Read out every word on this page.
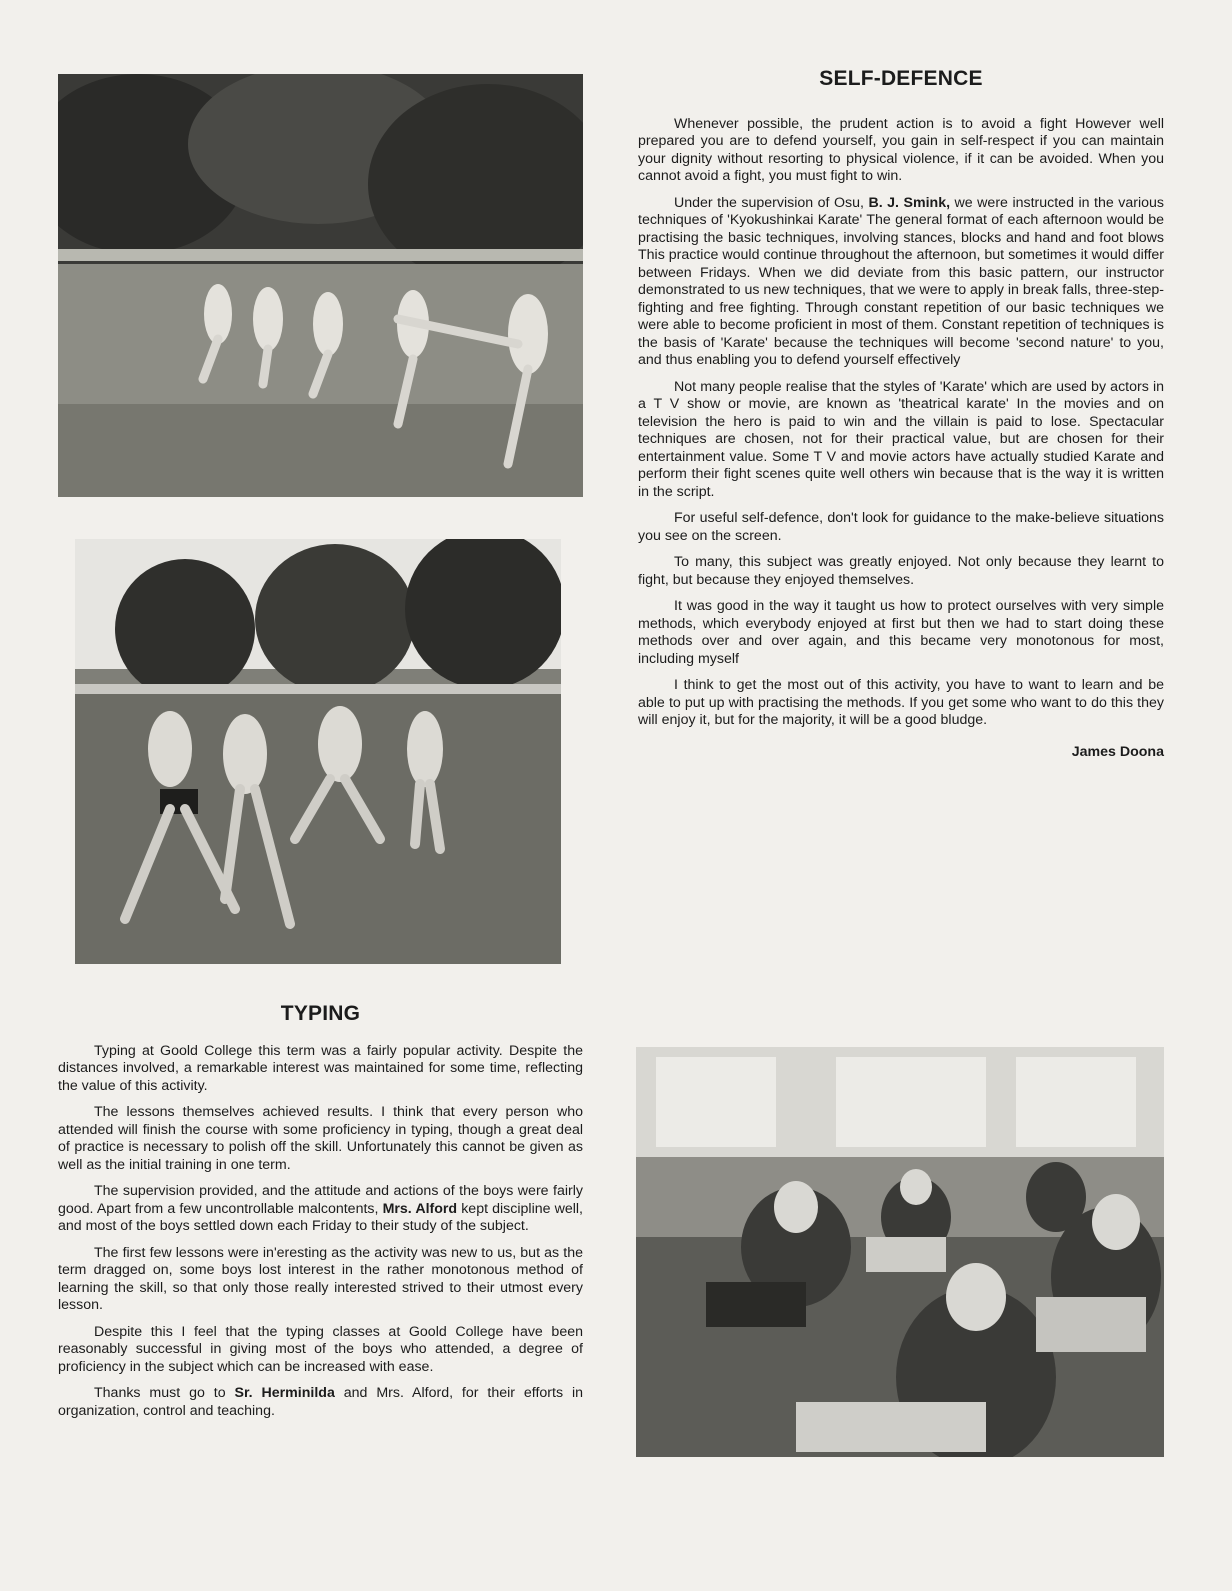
SELF-DEFENCE

Whenever possible, the prudent action is to avoid a fight However well prepared you are to defend yourself, you gain in self-respect if you can maintain your dignity without resorting to physical violence, if it can be avoided. When you cannot avoid a fight, you must fight to win.

Under the supervision of Osu, B. J. Smink, we were instructed in the various techniques of 'Kyokushinkai Karate' The general format of each afternoon would be practising the basic techniques, involving stances, blocks and hand and foot blows This practice would continue throughout the afternoon, but sometimes it would differ between Fridays. When we did deviate from this basic pattern, our instructor demonstrated to us new techniques, that we were to apply in break falls, three-step-fighting and free fighting. Through constant repetition of our basic techniques we were able to become proficient in most of them. Constant repetition of techniques is the basis of 'Karate' because the techniques will become 'second nature' to you, and thus enabling you to defend yourself effectively

Not many people realise that the styles of 'Karate' which are used by actors in a T V show or movie, are known as 'theatrical karate' In the movies and on television the hero is paid to win and the villain is paid to lose. Spectacular techniques are chosen, not for their practical value, but are chosen for their entertainment value. Some T V and movie actors have actually studied Karate and perform their fight scenes quite well others win because that is the way it is written in the script.

For useful self-defence, don't look for guidance to the make-believe situations you see on the screen.

To many, this subject was greatly enjoyed. Not only because they learnt to fight, but because they enjoyed themselves.

It was good in the way it taught us how to protect ourselves with very simple methods, which everybody enjoyed at first but then we had to start doing these methods over and over again, and this became very monotonous for most, including myself

I think to get the most out of this activity, you have to want to learn and be able to put up with practising the methods. If you get some who want to do this they will enjoy it, but for the majority, it will be a good bludge.

James Doona
TYPING

Typing at Goold College this term was a fairly popular activity. Despite the distances involved, a remarkable interest was maintained for some time, reflecting the value of this activity.

The lessons themselves achieved results. I think that every person who attended will finish the course with some proficiency in typing, though a great deal of practice is necessary to polish off the skill. Unfortunately this cannot be given as well as the initial training in one term.

The supervision provided, and the attitude and actions of the boys were fairly good. Apart from a few uncontrollable malcontents, Mrs. Alford kept discipline well, and most of the boys settled down each Friday to their study of the subject.

The first few lessons were in'eresting as the activity was new to us, but as the term dragged on, some boys lost interest in the rather monotonous method of learning the skill, so that only those really interested strived to their utmost every lesson.

Despite this I feel that the typing classes at Goold College have been reasonably successful in giving most of the boys who attended, a degree of proficiency in the subject which can be increased with ease.

Thanks must go to Sr. Herminilda and Mrs. Alford, for their efforts in organization, control and teaching.
